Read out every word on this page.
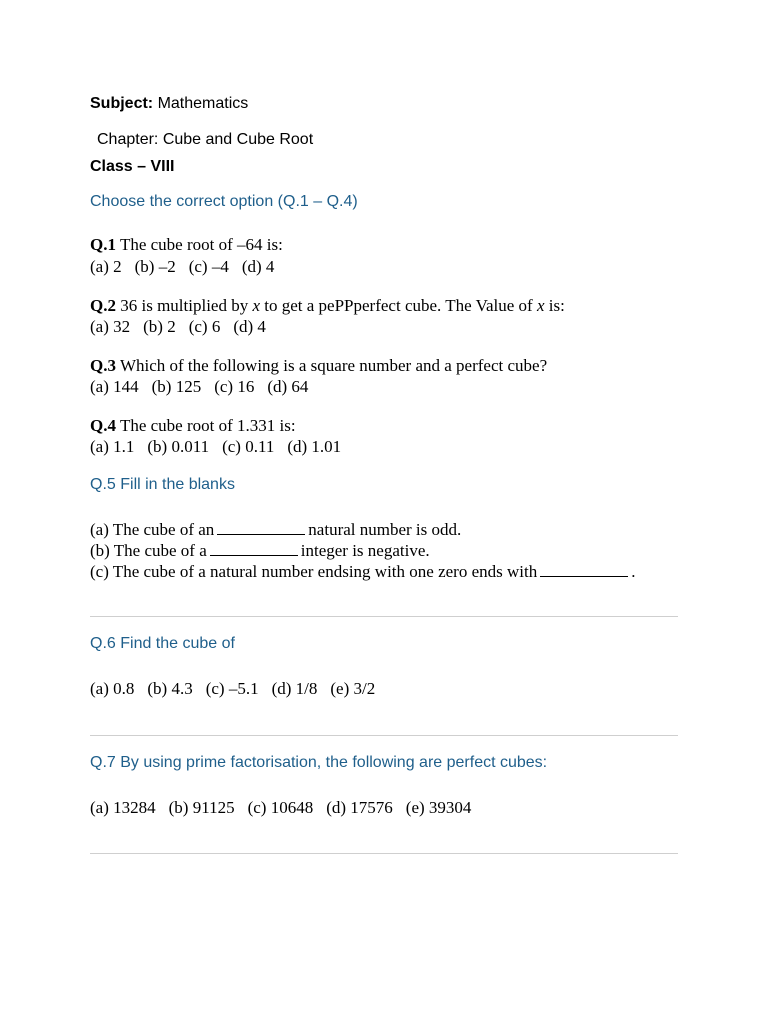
Subject: Mathematics
Chapter: Cube and Cube Root
Class – VIII
Choose the correct option (Q.1 – Q.4)
Q.1 The cube root of –64 is:
(a) 2 (b) –2 (c) –4 (d) 4
Q.2 36 is multiplied by x to get a pePPperfect cube. The Value of x is:
(a) 32 (b) 2 (c) 6 (d) 4
Q.3 Which of the following is a square number and a perfect cube?
(a) 144 (b) 125 (c) 16 (d) 64
Q.4 The cube root of 1.331 is:
(a) 1.1 (b) 0.011 (c) 0.11 (d) 1.01
Q.5 Fill in the blanks
(a) The cube of an	natural number is odd.
(b) The cube of a	integer is negative.
(c) The cube of a natural number endsing with one zero ends with	.
Q.6 Find the cube of
(a) 0.8 (b) 4.3 (c) –5.1 (d) 1/8 (e) 3/2
Q.7 By using prime factorisation, the following are perfect cubes:
(a) 13284 (b) 91125 (c) 10648 (d) 17576 (e) 39304
